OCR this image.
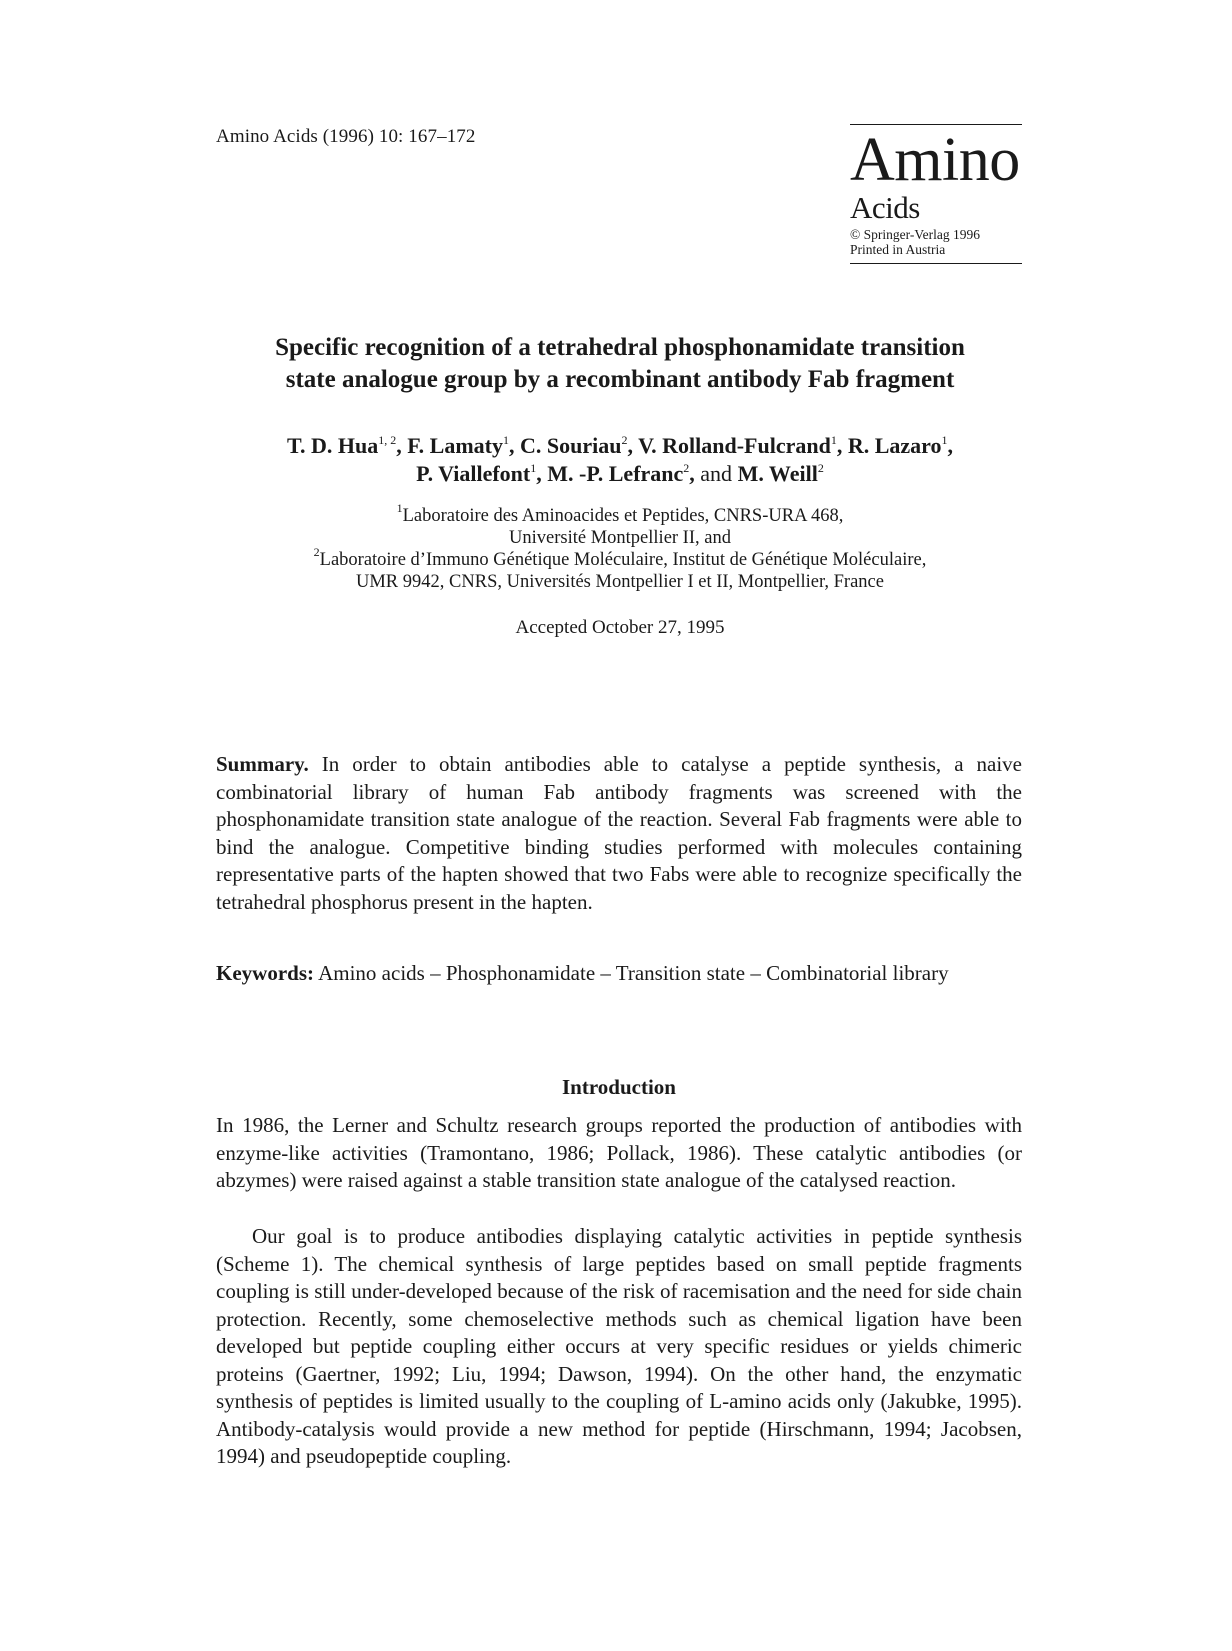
Amino Acids (1996) 10: 167–172	Amino
Acids
© Springer-Verlag 1996
Printed in Austria
Specific recognition of a tetrahedral phosphonamidate transition
state analogue group by a recombinant antibody Fab fragment
T. D. Hua$^{1, 2}$, F. Lamaty$^1$, C. Souriau$^2$, V. Rolland-Fulcrand$^1$, R. Lazaro$^1$,
P. Viallefont$^1$, M. -P. Lefranc$^2$, and M. Weill$^2$
$^1$Laboratoire des Aminoacides et Peptides, CNRS-URA 468,
Université Montpellier II, and
$^2$Laboratoire d’Immuno Génétique Moléculaire, Institut de Génétique Moléculaire,
UMR 9942, CNRS, Universités Montpellier I et II, Montpellier, France
Accepted October 27, 1995
Summary. In order to obtain antibodies able to catalyse a peptide synthesis, a naive combinatorial library of human Fab antibody fragments was screened with the phosphonamidate transition state analogue of the reaction. Several Fab fragments were able to bind the analogue. Competitive binding studies performed with molecules containing representative parts of the hapten showed that two Fabs were able to recognize specifically the tetrahedral phosphorus present in the hapten.
Keywords: Amino acids – Phosphonamidate – Transition state – Combinatorial library
Introduction
In 1986, the Lerner and Schultz research groups reported the production of antibodies with enzyme-like activities (Tramontano, 1986; Pollack, 1986). These catalytic antibodies (or abzymes) were raised against a stable transition state analogue of the catalysed reaction.
Our goal is to produce antibodies displaying catalytic activities in peptide synthesis (Scheme 1). The chemical synthesis of large peptides based on small peptide fragments coupling is still under-developed because of the risk of racemisation and the need for side chain protection. Recently, some chemoselective methods such as chemical ligation have been developed but peptide coupling either occurs at very specific residues or yields chimeric proteins (Gaertner, 1992; Liu, 1994; Dawson, 1994). On the other hand, the enzymatic synthesis of peptides is limited usually to the coupling of L-amino acids only (Jakubke, 1995). Antibody-catalysis would provide a new method for peptide (Hirschmann, 1994; Jacobsen, 1994) and pseudopeptide coupling.
